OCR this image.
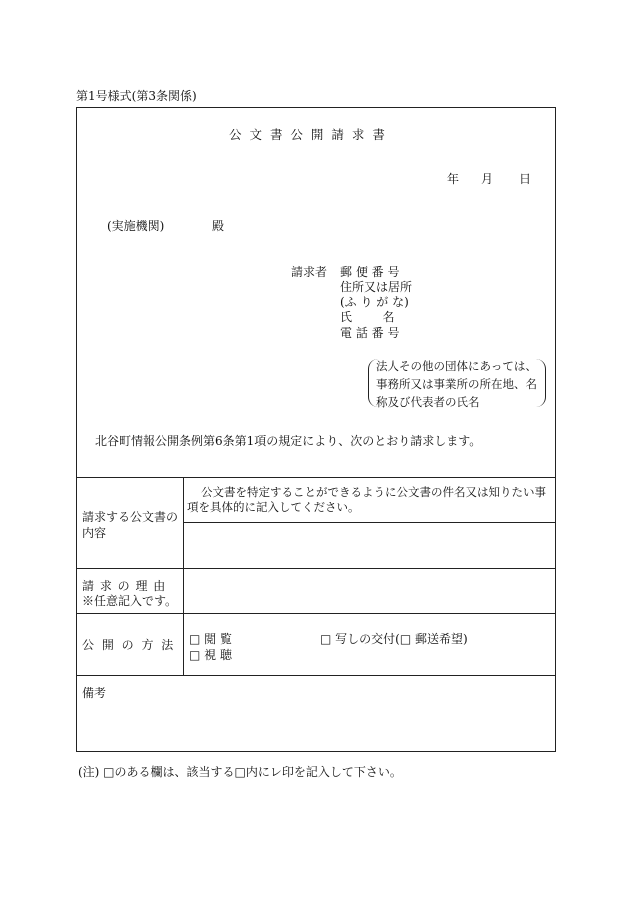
第1号様式(第3条関係)
公 文 書 公 開 請 求 書
年 月 日
(実施機関)	殿
請求者 郵 便 番 号
住所又は居所
(ふ り が な)
氏        名
電 話 番 号
北谷町情報公開条例第6条第1項の規定により、次のとおり請求します。
請求する公文書の内容
公文書を特定することができるように公文書の件名又は知りたい事項を具体的に記入してください。
請 求 の 理 由
※任意記入です。
公 開 の 方 法 □ 閲 覧	□ 写しの交付(□ 郵送希望)
□ 視 聴
備考
法人その他の団体にあっては、
事務所又は事業所の所在地、名
称及び代表者の氏名
(注) □のある欄は、該当する□内にレ印を記入して下さい。
